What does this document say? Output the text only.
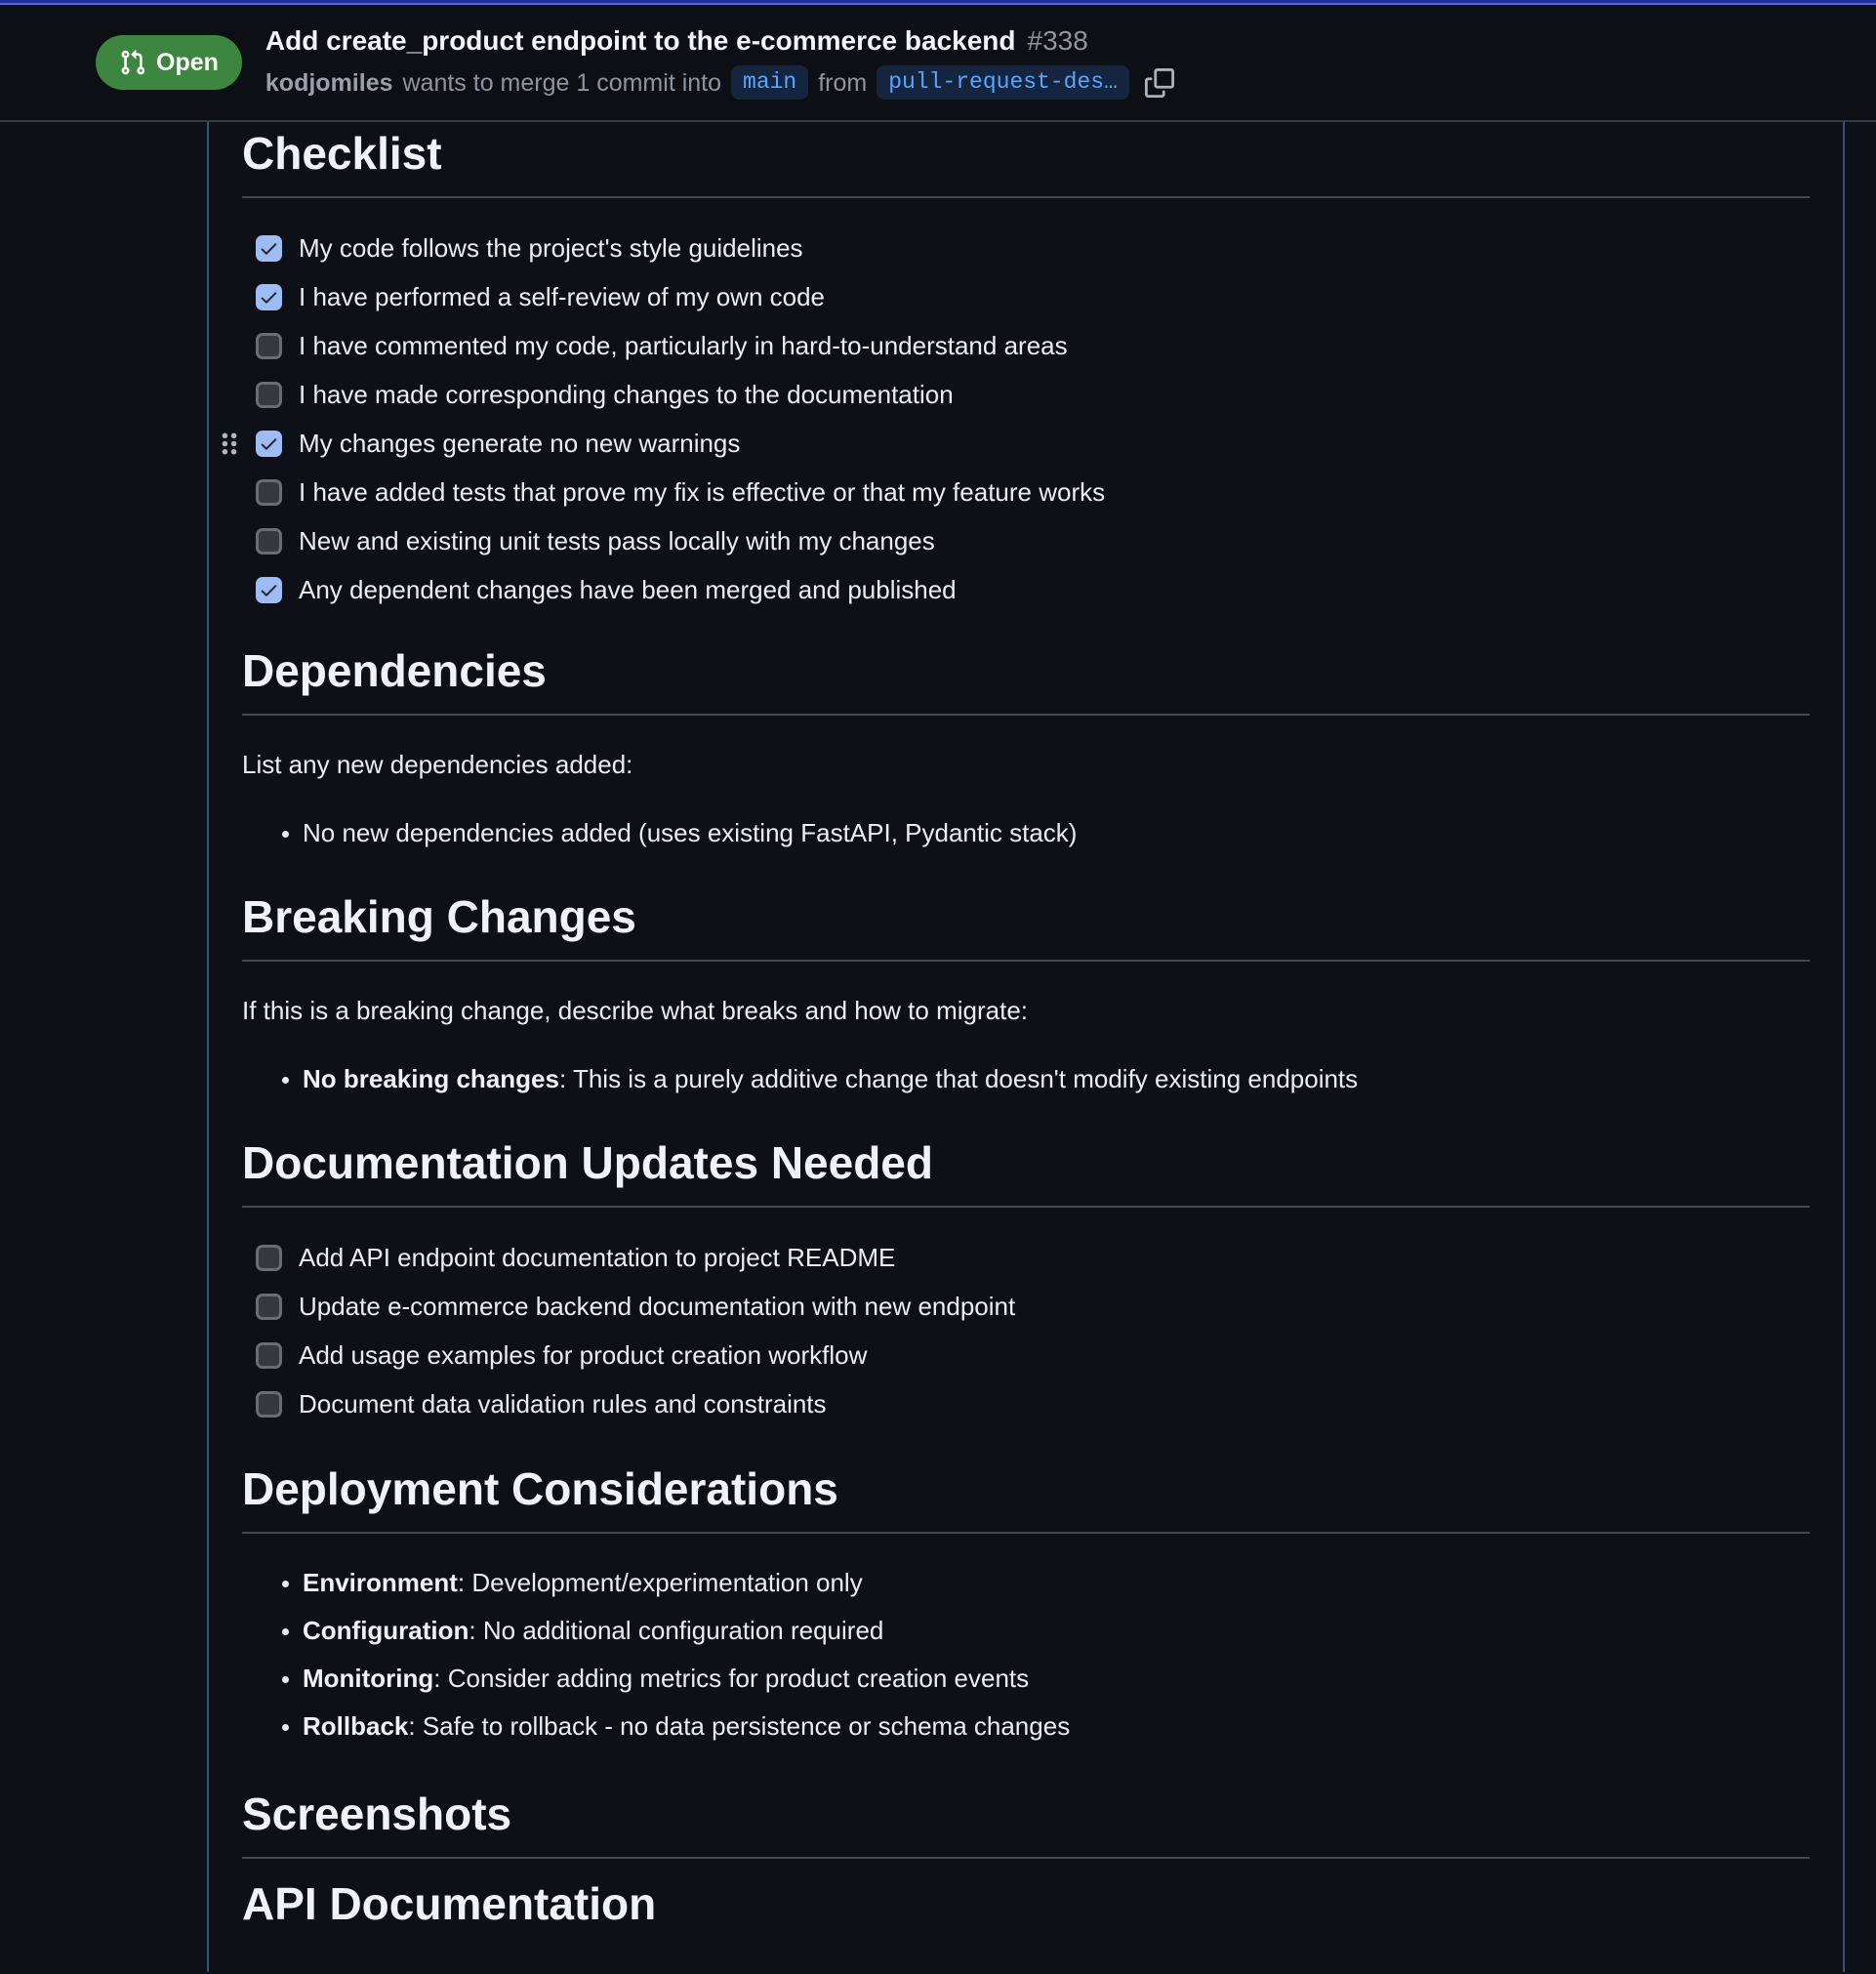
Open
Add create_product endpoint to the e-commerce backend #338
kodjomiles wants to merge 1 commit into main from pull-request-des…
Checklist
My code follows the project's style guidelines
I have performed a self-review of my own code
I have commented my code, particularly in hard-to-understand areas
I have made corresponding changes to the documentation
My changes generate no new warnings
I have added tests that prove my fix is effective or that my feature works
New and existing unit tests pass locally with my changes
Any dependent changes have been merged and published
Dependencies

List any new dependencies added:

• No new dependencies added (uses existing FastAPI, Pydantic stack)
Breaking Changes

If this is a breaking change, describe what breaks and how to migrate:

• No breaking changes: This is a purely additive change that doesn't modify existing endpoints
Documentation Updates Needed
Add API endpoint documentation to project README
Update e-commerce backend documentation with new endpoint
Add usage examples for product creation workflow
Document data validation rules and constraints
Deployment Considerations
• Environment: Development/experimentation only
• Configuration: No additional configuration required
• Monitoring: Consider adding metrics for product creation events
• Rollback: Safe to rollback - no data persistence or schema changes
Screenshots
API Documentation
